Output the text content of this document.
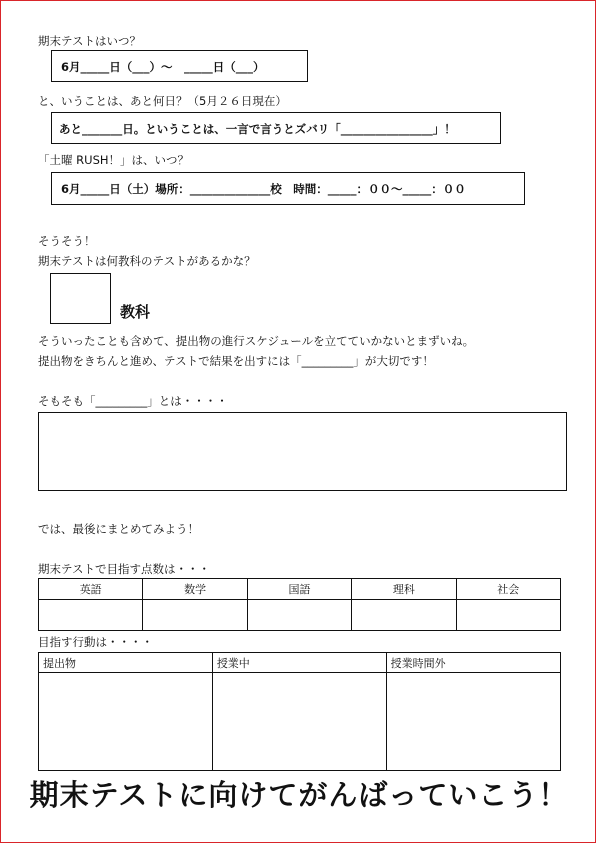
期末テストはいつ？
6月_____日（___）～　_____日（___）
と、いうことは、あと何日？（5月２６日現在）
あと_______日。ということは、一言で言うとズバリ「________________」！
「土曜 RUSH！」は、いつ？
6月_____日（土）場所：______________校　時間：_____：００～_____：００
そうそう！
期末テストは何教科のテストがあるかな？
教科
そういったことも含めて、提出物の進行スケジュールを立てていかないとまずいね。
提出物をきちんと進め、テストで結果を出すには「_________」が大切です！
そもそも「_________」とは・・・・
では、最後にまとめてみよう！
期末テストで目指す点数は・・・
英語	数学	国語	理科	社会

目指す行動は・・・・
提出物	授業中	授業時間外

期末テストに向けてがんばっていこう！
